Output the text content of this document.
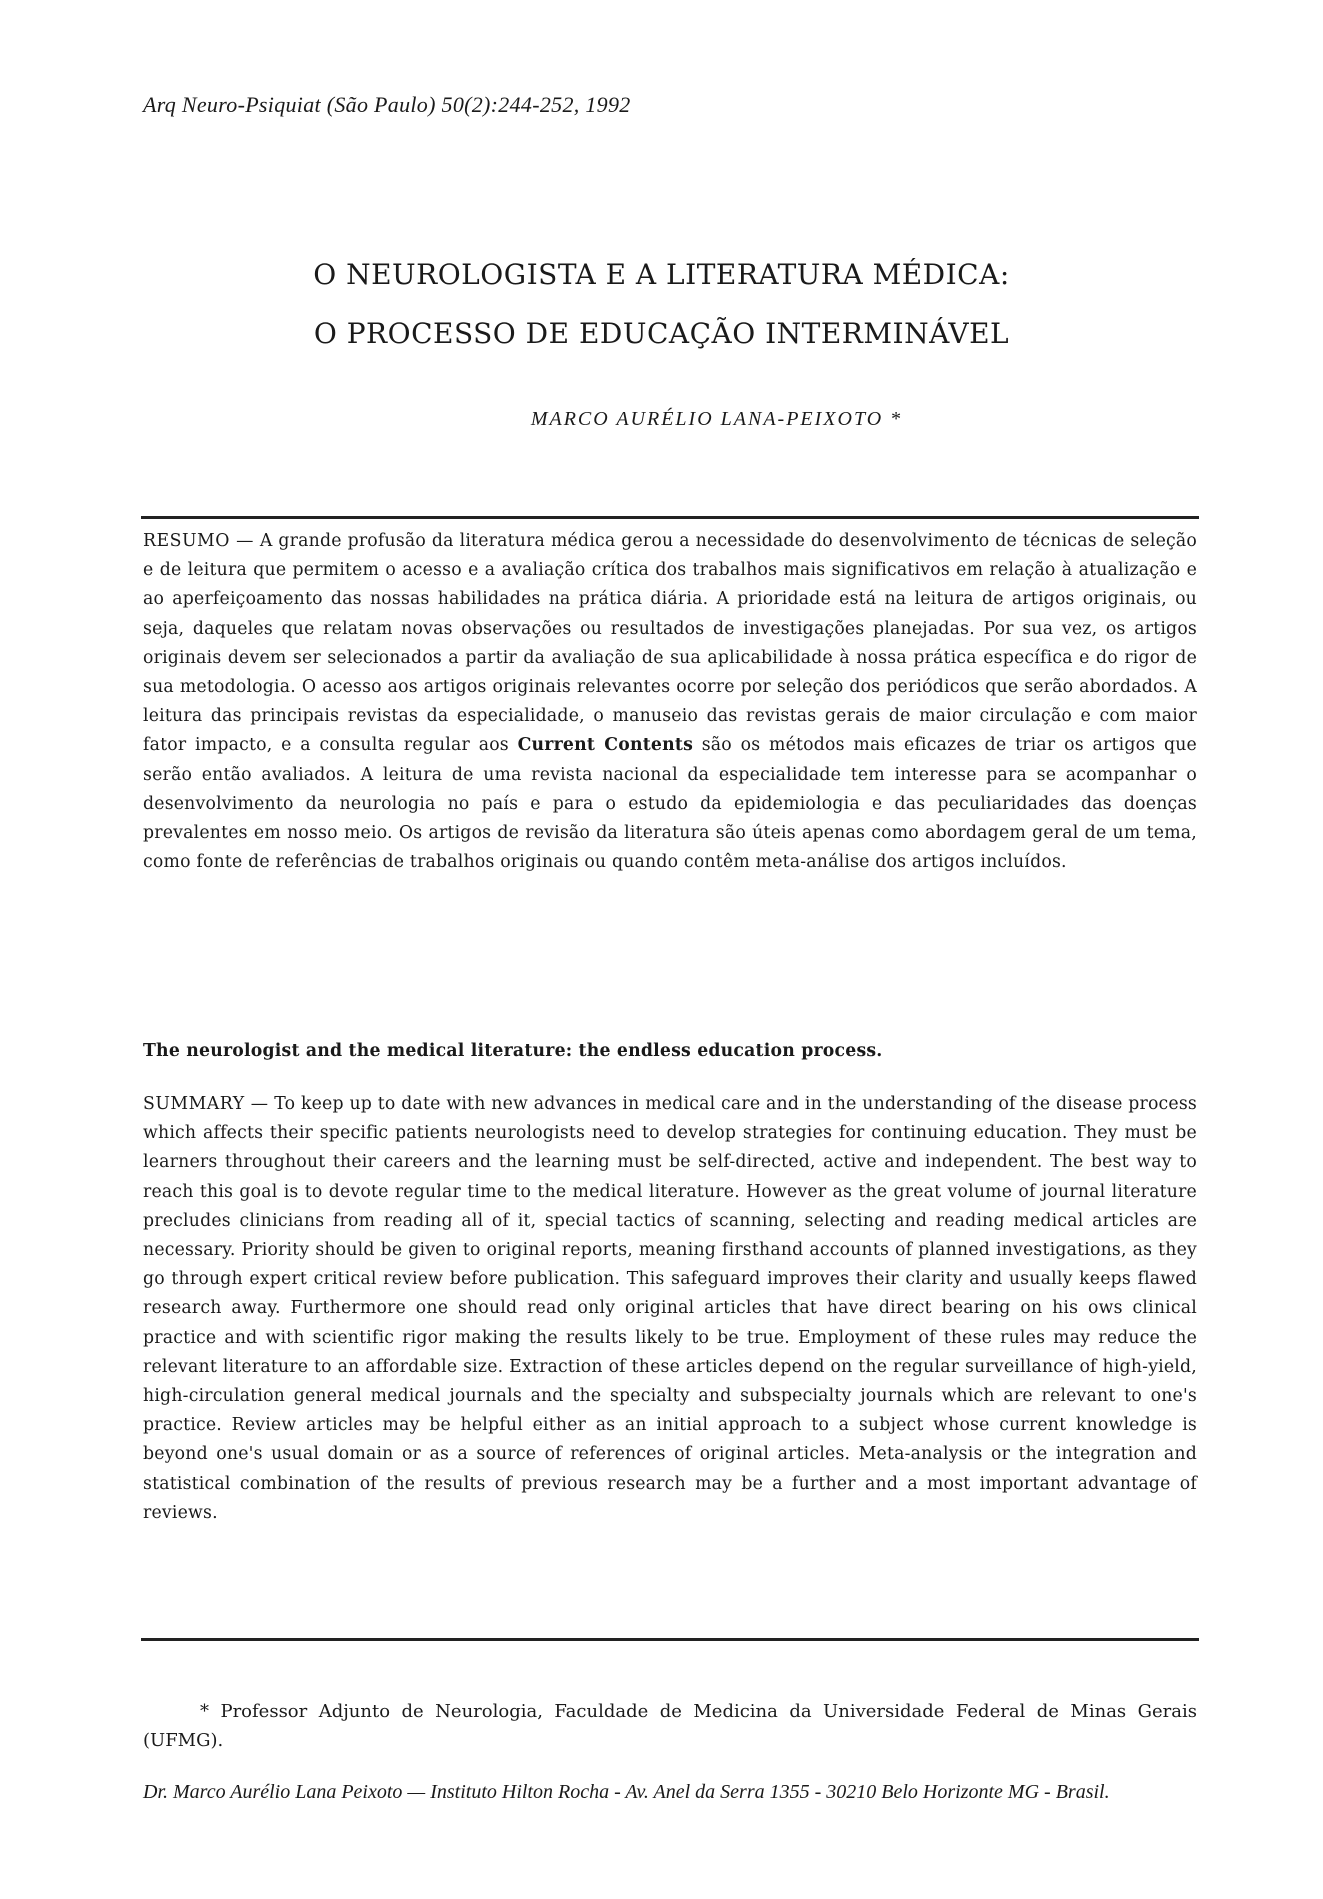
Arq Neuro-Psiquiat (São Paulo) 50(2):244-252, 1992
O NEUROLOGISTA E A LITERATURA MÉDICA:
O PROCESSO DE EDUCAÇÃO INTERMINÁVEL
MARCO AURÉLIO LANA-PEIXOTO *
RESUMO — A grande profusão da literatura médica gerou a necessidade do desenvolvimento de técnicas de seleção e de leitura que permitem o acesso e a avaliação crítica dos trabalhos mais significativos em relação à atualização e ao aperfeiçoamento das nossas habilidades na prática diária. A prioridade está na leitura de artigos originais, ou seja, daqueles que relatam novas observações ou resultados de investigações planejadas. Por sua vez, os artigos originais devem ser selecionados a partir da avaliação de sua aplicabilidade à nossa prática específica e do rigor de sua metodologia. O acesso aos artigos originais relevantes ocorre por seleção dos periódicos que serão abordados. A leitura das principais revistas da especialidade, o manuseio das revistas gerais de maior circulação e com maior fator impacto, e a consulta regular aos Current Contents são os métodos mais eficazes de triar os artigos que serão então avaliados. A leitura de uma revista nacional da especialidade tem interesse para se acompanhar o desenvolvimento da neurologia no país e para o estudo da epidemiologia e das peculiaridades das doenças prevalentes em nosso meio. Os artigos de revisão da literatura são úteis apenas como abordagem geral de um tema, como fonte de referências de trabalhos originais ou quando contêm meta-análise dos artigos incluídos.
The neurologist and the medical literature: the endless education process.
SUMMARY — To keep up to date with new advances in medical care and in the understanding of the disease process which affects their specific patients neurologists need to develop strategies for continuing education. They must be learners throughout their careers and the learning must be self-directed, active and independent. The best way to reach this goal is to devote regular time to the medical literature. However as the great volume of journal literature precludes clinicians from reading all of it, special tactics of scanning, selecting and reading medical articles are necessary. Priority should be given to original reports, meaning firsthand accounts of planned investigations, as they go through expert critical review before publication. This safeguard improves their clarity and usually keeps flawed research away. Furthermore one should read only original articles that have direct bearing on his ows clinical practice and with scientific rigor making the results likely to be true. Employment of these rules may reduce the relevant literature to an affordable size. Extraction of these articles depend on the regular surveillance of high-yield, high-circulation general medical journals and the specialty and subspecialty journals which are relevant to one's practice. Review articles may be helpful either as an initial approach to a subject whose current knowledge is beyond one's usual domain or as a source of references of original articles. Meta-analysis or the integration and statistical combination of the results of previous research may be a further and a most important advantage of reviews.
* Professor Adjunto de Neurologia, Faculdade de Medicina da Universidade Federal de Minas Gerais (UFMG).
Dr. Marco Aurélio Lana Peixoto — Instituto Hilton Rocha - Av. Anel da Serra 1355 - 30210 Belo Horizonte MG - Brasil.
